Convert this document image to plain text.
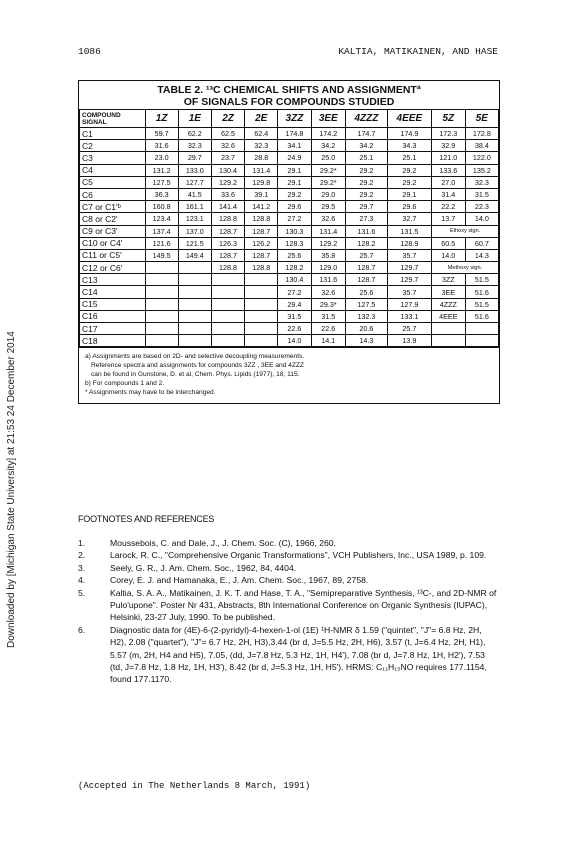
1086	KALTIA, MATIKAINEN, AND HASE
Downloaded by [Michigan State University] at 21:53 24 December 2014
TABLE 2. ¹³C CHEMICAL SHIFTS AND ASSIGNMENTª
OF SIGNALS FOR COMPOUNDS STUDIED
COMPOUND
SIGNAL	1Z	1E	2Z	2E	3ZZ	3EE	4ZZZ	4EEE	5Z	5E
C1	59.7	62.2	62.5	62.4	174.8	174.2	174.7	174.9	172.3	172.8
C2	31.6	32.3	32.6	32.3	34.1	34.2	34.2	34.3	32.9	38.4
C3	23.0	29.7	23.7	28.8	24.9	25.0	25.1	25.1	121.0	122.0
C4	131.2	133.0	130.4	131.4	29.1	29.2*	29.2	29.2	133.6	135.2
C5	127.5	127.7	129.2	129.8	29.1	29.2*	29.2	29.2	27.0	32.3
C6	36.3	41.5	33.6	39.1	29.2	29.0	29.2	29.1	31.4	31.5
C7 or C1'ᵇ	160.8	161.1	141.4	141.2	29.6	29.5	29.7	29.6	22.2	22.3
C8 or C2'	123.4	123.1	128.8	128.8	27.2	32.6	27.3	32.7	13.7	14.0
C9 or C3'	137.4	137.0	128.7	128.7	130.3	131.4	131.6	131.5	Ethoxy sign.	
C10 or C4'	121.6	121.5	126.3	126.2	128.3	129.2	128.2	128.9	60.5	60.7
C11 or C5'	149.5	149.4	128.7	128.7	25.6	35.8	25.7	35.7	14.0	14.3
C12 or C6'			128.8	128.8	128.2	129.0	128.7	129.7	Methoxy sign.	
C13					130.4	131.6	128.7	129.7	3ZZ	51.5
C14					27.2	32.6	25.6	35.7	3EE	51.6
C15					29.4	29.3*	127.5	127.9	4ZZZ	51.5
C16					31.5	31.5	132.3	133.1	4EEE	51.6
C17					22.6	22.6	20.6	25.7		
C18					14.0	14.1	14.3	13.9		
a) Assignments are based on 2D- and selective decoupling measurements.
Reference spectra and assignments for compounds 3ZZ , 3EE and 4ZZZ
can be found in Gunstone, D. et al, Chem. Phys. Lipids (1977), 18, 115.
b) For compounds 1 and 2.
* Assignments may have to be interchanged.
FOOTNOTES AND REFERENCES
1.	Moussebois, C. and Dale, J., J. Chem. Soc. (C), 1966, 260.
2.	Larock, R. C., "Comprehensive Organic Transformations", VCH Publishers, Inc., USA 1989, p. 109.
3.	Seely, G. R., J. Am. Chem. Soc., 1962, 84, 4404.
4.	Corey, E. J. and Hamanaka, E., J. Am. Chem. Soc., 1967, 89, 2758.
5.	Kaltia, S. A. A., Matikainen, J. K. T. and Hase, T. A., "Semipreparative Synthesis, ¹³C-, and 2D-NMR of Pulo'upone". Poster Nr 431, Abstracts, 8th International Conference on Organic Synthesis (IUPAC), Helsinki, 23-27 July, 1990. To be published.
6.	Diagnostic data for (4E)-6-(2-pyridyl)-4-hexen-1-ol (1E) ¹H-NMR δ 1.59 ("quintet", "J"= 6.8 Hz, 2H, H2), 2.08 ("quartet"), "J"= 6.7 Hz, 2H, H3),3.44 (br d, J=5.5 Hz, 2H, H6), 3.57 (t, J=6.4 Hz, 2H, H1), 5.57 (m, 2H, H4 and H5), 7.05, (dd, J=7.8 Hz, 5.3 Hz, 1H, H4'), 7.08 (br d, J=7.8 Hz, 1H, H2'), 7.53 (td, J=7.8 Hz, 1.8 Hz, 1H, H3'), 8.42 (br d, J=5.3 Hz, 1H, H5'). HRMS: C₁₁H₁₅NO requires 177.1154, found 177.1170.
(Accepted in The Netherlands 8 March, 1991)
